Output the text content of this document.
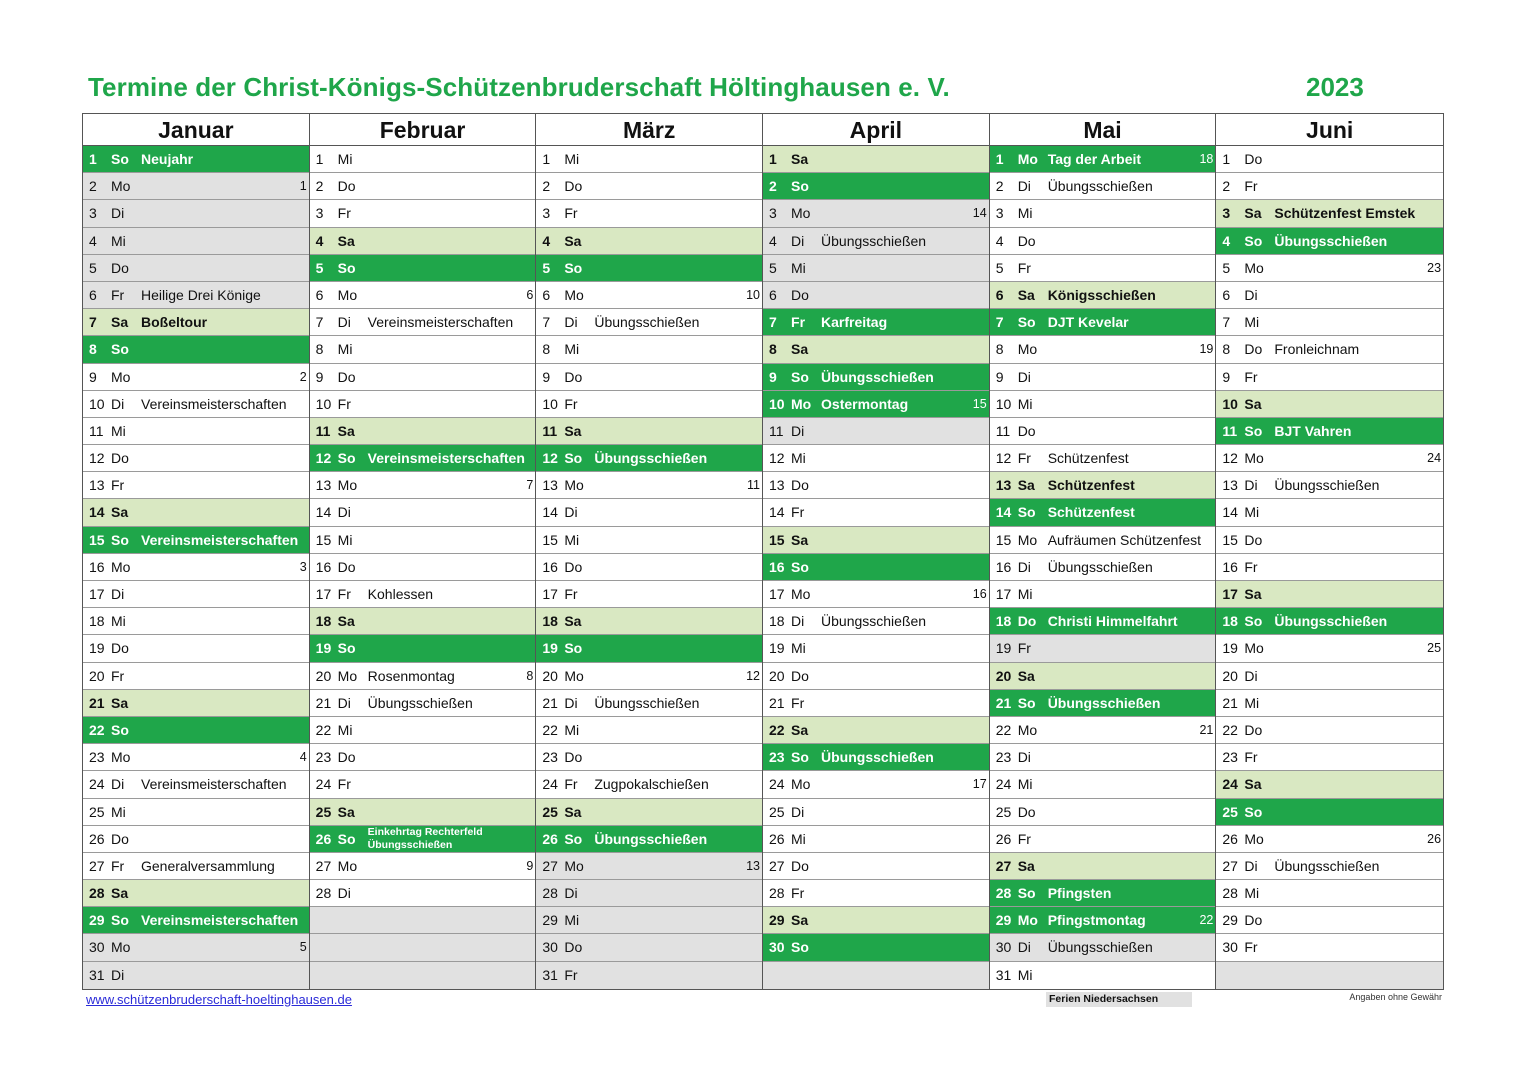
Termine der Christ-Königs-Schützenbruderschaft Höltinghausen e. V.	2023
Januar
1 So Neujahr
2 Mo	1
3 Di
4 Mi
5 Do
6 Fr Heilige Drei Könige
7 Sa Boßeltour
8 So
9 Mo	2
10 Di Vereinsmeisterschaften
11 Mi
12 Do
13 Fr
14 Sa
15 So Vereinsmeisterschaften
16 Mo	3
17 Di
18 Mi
19 Do
20 Fr
21 Sa
22 So
23 Mo	4
24 Di Vereinsmeisterschaften
25 Mi
26 Do
27 Fr Generalversammlung
28 Sa
29 So Vereinsmeisterschaften
30 Mo	5
31 Di
Februar
1 Mi
2 Do
3 Fr
4 Sa
5 So
6 Mo	6
7 Di Vereinsmeisterschaften
8 Mi
9 Do
10 Fr
11 Sa
12 So Vereinsmeisterschaften
13 Mo	7
14 Di
15 Mi
16 Do
17 Fr Kohlessen
18 Sa
19 So
20 Mo Rosenmontag	8
21 Di Übungsschießen
22 Mi
23 Do
24 Fr
25 Sa
26 So Einkehrtag Rechterfeld
Übungsschießen
27 Mo	9
28 Di
März
1 Mi
2 Do
3 Fr
4 Sa
5 So
6 Mo	10
7 Di Übungsschießen
8 Mi
9 Do
10 Fr
11 Sa
12 So Übungsschießen
13 Mo	11
14 Di
15 Mi
16 Do
17 Fr
18 Sa
19 So
20 Mo	12
21 Di Übungsschießen
22 Mi
23 Do
24 Fr Zugpokalschießen
25 Sa
26 So Übungsschießen
27 Mo	13
28 Di
29 Mi
30 Do
31 Fr
April
1 Sa
2 So
3 Mo	14
4 Di Übungsschießen
5 Mi
6 Do
7 Fr Karfreitag
8 Sa
9 So Übungsschießen
10 Mo Ostermontag	15
11 Di
12 Mi
13 Do
14 Fr
15 Sa
16 So
17 Mo	16
18 Di Übungsschießen
19 Mi
20 Do
21 Fr
22 Sa
23 So Übungsschießen
24 Mo	17
25 Di
26 Mi
27 Do
28 Fr
29 Sa
30 So
Mai
1 Mo Tag der Arbeit	18
2 Di Übungsschießen
3 Mi
4 Do
5 Fr
6 Sa Königsschießen
7 So DJT Kevelar
8 Mo	19
9 Di
10 Mi
11 Do
12 Fr Schützenfest
13 Sa Schützenfest
14 So Schützenfest
15 Mo Aufräumen Schützenfest
16 Di Übungsschießen
17 Mi
18 Do Christi Himmelfahrt
19 Fr
20 Sa
21 So Übungsschießen
22 Mo	21
23 Di
24 Mi
25 Do
26 Fr
27 Sa
28 So Pfingsten
29 Mo Pfingstmontag	22
30 Di Übungsschießen
31 Mi
Juni
1 Do
2 Fr
3 Sa Schützenfest Emstek
4 So Übungsschießen
5 Mo	23
6 Di
7 Mi
8 Do Fronleichnam
9 Fr
10 Sa
11 So BJT Vahren
12 Mo	24
13 Di Übungsschießen
14 Mi
15 Do
16 Fr
17 Sa
18 So Übungsschießen
19 Mo	25
20 Di
21 Mi
22 Do
23 Fr
24 Sa
25 So
26 Mo	26
27 Di Übungsschießen
28 Mi
29 Do
30 Fr
www.schützenbruderschaft-hoeltinghausen.de	Ferien Niedersachsen	Angaben ohne Gewähr
